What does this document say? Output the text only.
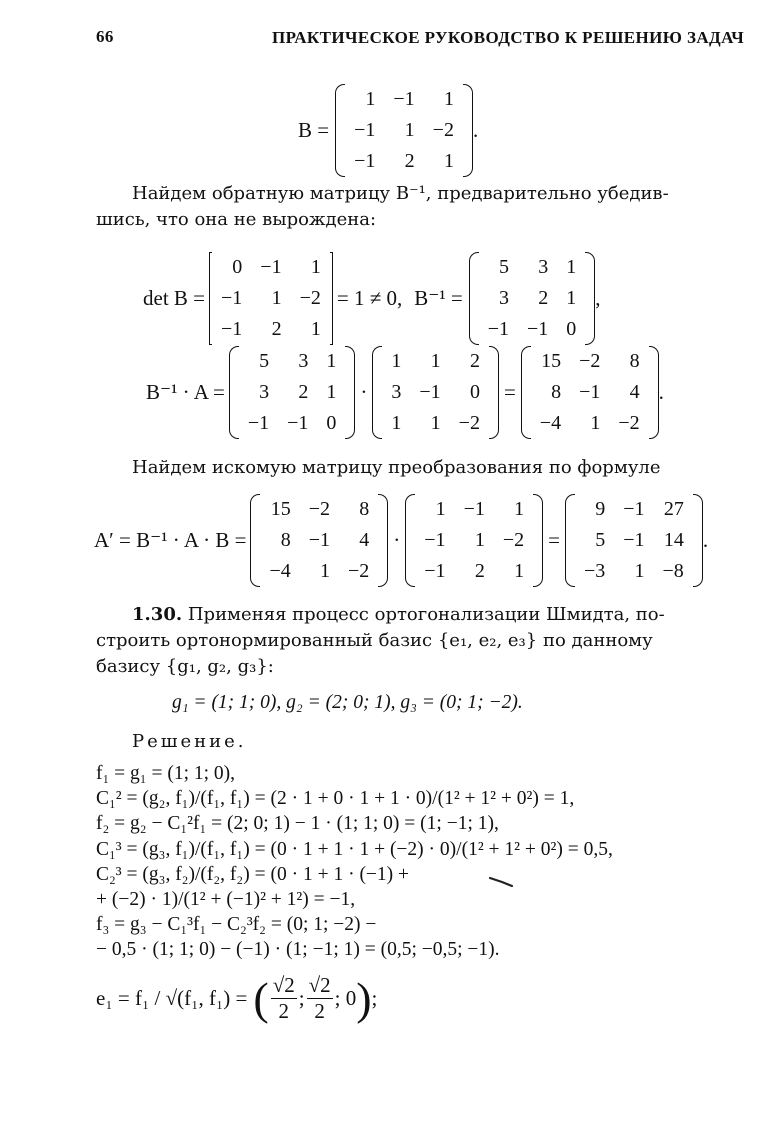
66	ПРАКТИЧЕСКОЕ РУКОВОДСТВО К РЕШЕНИЮ ЗАДАЧ
B =
1	−1	1
−1	1	−2
−1	2	1
.
Найдем обратную матрицу B⁻¹, предварительно убедив-
шись, что она не вырождена:
det B =
0	−1	1
−1	1	−2
−1	2	1
= 1 ≠ 0, B⁻¹ =
5	3	1
3	2	1
−1	−1	0
,
B⁻¹ · A =
5	3	1
3	2	1
−1	−1	0
·
1	1	2
3	−1	0
1	1	−2
=
15	−2	8
8	−1	4
−4	1	−2
.
Найдем искомую матрицу преобразования по формуле
A′ = B⁻¹ · A · B =
15	−2	8
8	−1	4
−4	1	−2
·
1	−1	1
−1	1	−2
−1	2	1
=
9	−1	27
5	−1	14
−3	1	−8
.
1.30. Применяя процесс ортогонализации Шмидта, по-
строить ортонормированный базис {e₁, e₂, e₃} по данному
базису {g₁, g₂, g₃}:
g₁ = (1; 1; 0), g₂ = (2; 0; 1), g₃ = (0; 1; −2).
Решение.
f₁ = g₁ = (1; 1; 0),
C₁² = (g₂, f₁)/(f₁, f₁) = (2 · 1 + 0 · 1 + 1 · 0)/(1² + 1² + 0²) = 1,
f₂ = g₂ − C₁²f₁ = (2; 0; 1) − 1 · (1; 1; 0) = (1; −1; 1),
C₁³ = (g₃, f₁)/(f₁, f₁) = (0 · 1 + 1 · 1 + (−2) · 0)/(1² + 1² + 0²) = 0,5,
C₂³ = (g₃, f₂)/(f₂, f₂) = (0 · 1 + 1 · (−1) +
+ (−2) · 1)/(1² + (−1)² + 1²) = −1,
f₃ = g₃ − C₁³f₁ − C₂³f₂ = (0; 1; −2) −
− 0,5 · (1; 1; 0) − (−1) · (1; −1; 1) = (0,5; −0,5; −1).
e₁ = f₁ / √(f₁, f₁) = ( $\frac{√2}{2}$ ; $\frac{√2}{2}$ ; 0 ) ;
